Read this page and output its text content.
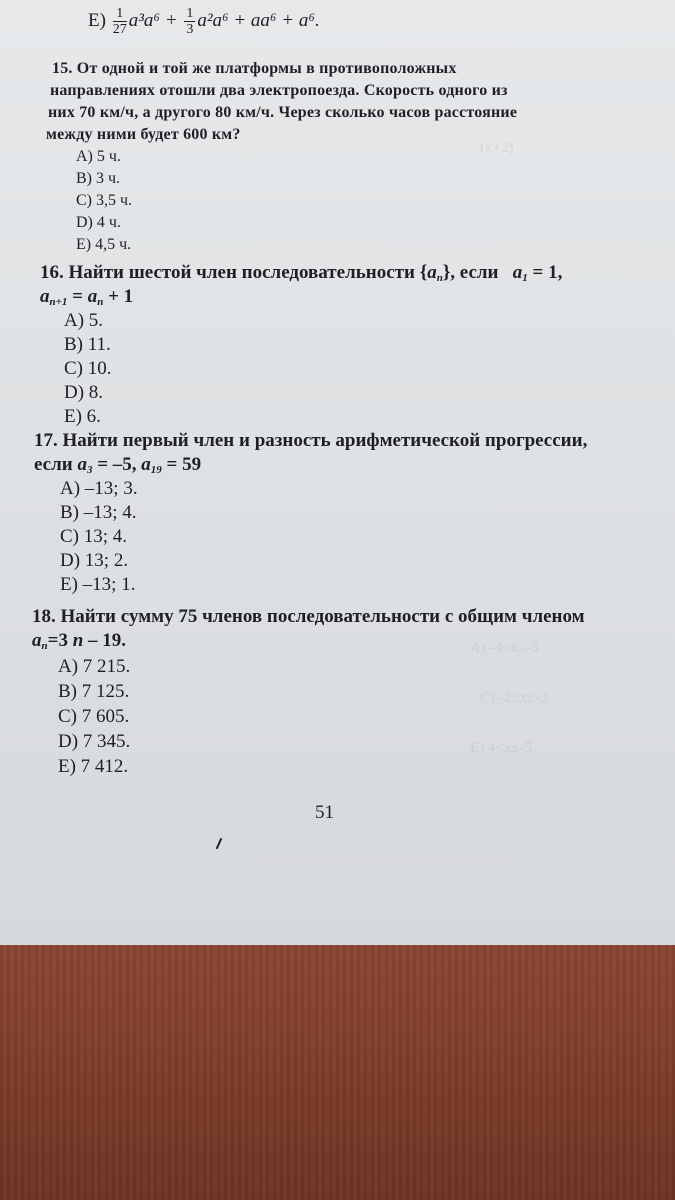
(x+2)
A) -4<x≤-5
C) -2≤x≤-3
E) 4<x≤-5
$E) \frac{1}{27} a^3a^6 + \frac{1}{3} a^2a^6 + aa^6 + a^6$.
15. От одной и той же платформы в противоположных
направлениях отошли два электропоезда. Скорость одного из
них 70 км/ч, а другого 80 км/ч. Через сколько часов расстояние
между ними будет 600 км?
A) 5 ч.
B) 3 ч.
C) 3,5 ч.
D) 4 ч.
E) 4,5 ч.
16. Найти шестой член последовательности $\{a_n\}$, если $a_1 = 1$,
$a_{n+1} = a_n + 1$
A) 5.
B) 11.
C) 10.
D) 8.
E) 6.
17. Найти первый член и разность арифметической прогрессии,
если $a_3 = -5$, $a_{19} = 59$
A) –13; 3.
B) –13; 4.
C) 13; 4.
D) 13; 2.
E) –13; 1.
18. Найти сумму 75 членов последовательности с общим членом
$a_n=3$ n – 19.
A) 7 215.
B) 7 125.
C) 7 605.
D) 7 345.
E) 7 412.
51
